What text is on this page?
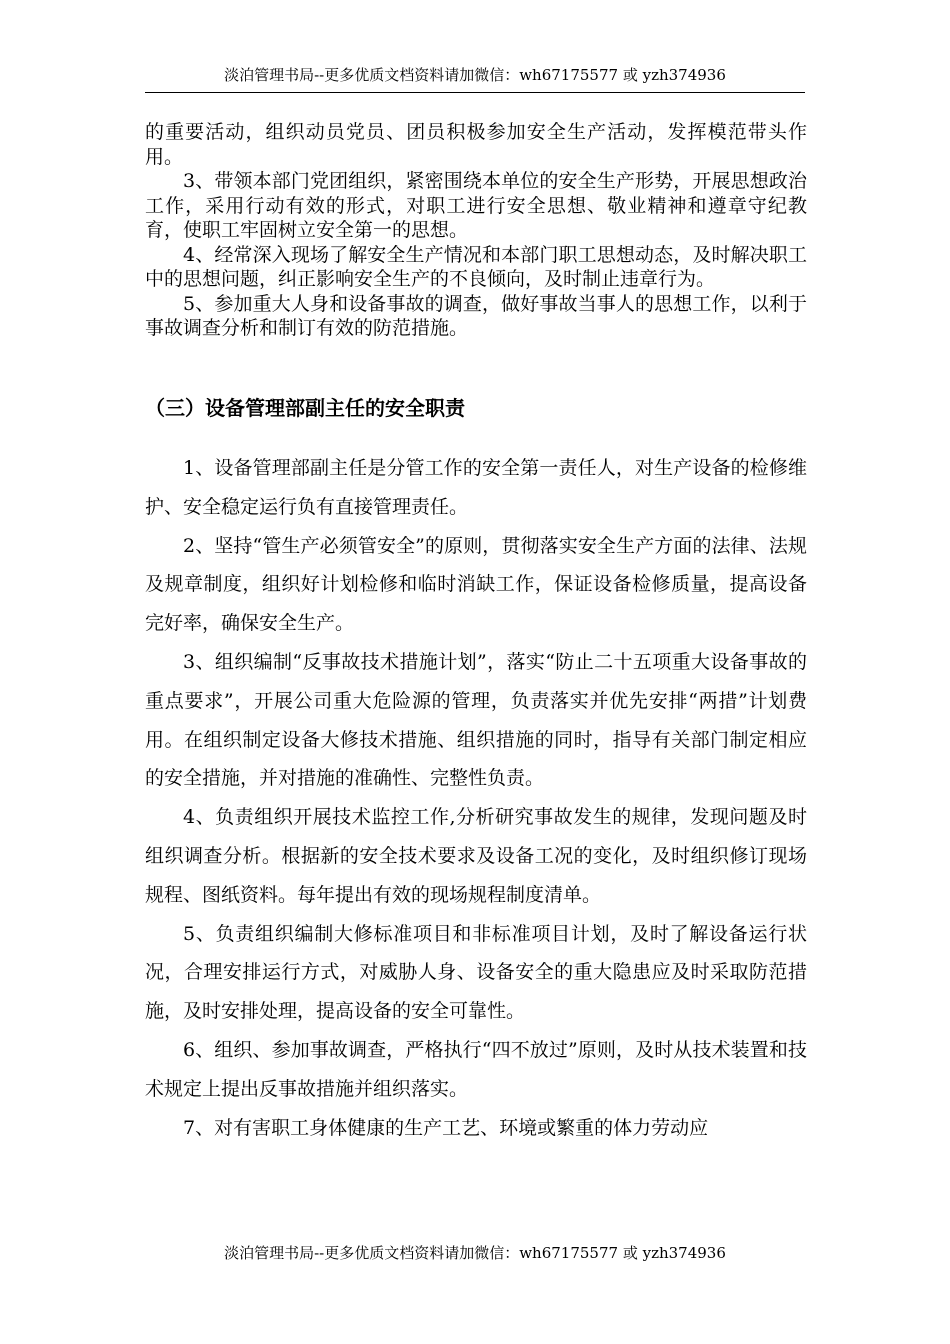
淡泊管理书局--更多优质文档资料请加微信：wh67175577 或 yzh374936

的重要活动，组织动员党员、团员积极参加安全生产活动，发挥模范带头作用。

3、带领本部门党团组织，紧密围绕本单位的安全生产形势，开展思想政治工作，采用行动有效的形式，对职工进行安全思想、敬业精神和遵章守纪教育，使职工牢固树立安全第一的思想。

4、经常深入现场了解安全生产情况和本部门职工思想动态，及时解决职工中的思想问题，纠正影响安全生产的不良倾向，及时制止违章行为。

5、参加重大人身和设备事故的调查，做好事故当事人的思想工作，以利于事故调查分析和制订有效的防范措施。

（三）设备管理部副主任的安全职责

1、设备管理部副主任是分管工作的安全第一责任人，对生产设备的检修维护、安全稳定运行负有直接管理责任。

2、坚持“管生产必须管安全”的原则，贯彻落实安全生产方面的法律、法规及规章制度，组织好计划检修和临时消缺工作，保证设备检修质量，提高设备完好率，确保安全生产。

3、组织编制“反事故技术措施计划”，落实“防止二十五项重大设备事故的重点要求”，开展公司重大危险源的管理，负责落实并优先安排“两措”计划费用。在组织制定设备大修技术措施、组织措施的同时，指导有关部门制定相应的安全措施，并对措施的准确性、完整性负责。

4、负责组织开展技术监控工作,分析研究事故发生的规律，发现问题及时组织调查分析。根据新的安全技术要求及设备工况的变化，及时组织修订现场规程、图纸资料。每年提出有效的现场规程制度清单。

5、负责组织编制大修标准项目和非标准项目计划，及时了解设备运行状况，合理安排运行方式，对威胁人身、设备安全的重大隐患应及时采取防范措施，及时安排处理，提高设备的安全可靠性。

6、组织、参加事故调查，严格执行“四不放过”原则，及时从技术装置和技术规定上提出反事故措施并组织落实。

7、对有害职工身体健康的生产工艺、环境或繁重的体力劳动应

淡泊管理书局--更多优质文档资料请加微信：wh67175577 或 yzh374936
